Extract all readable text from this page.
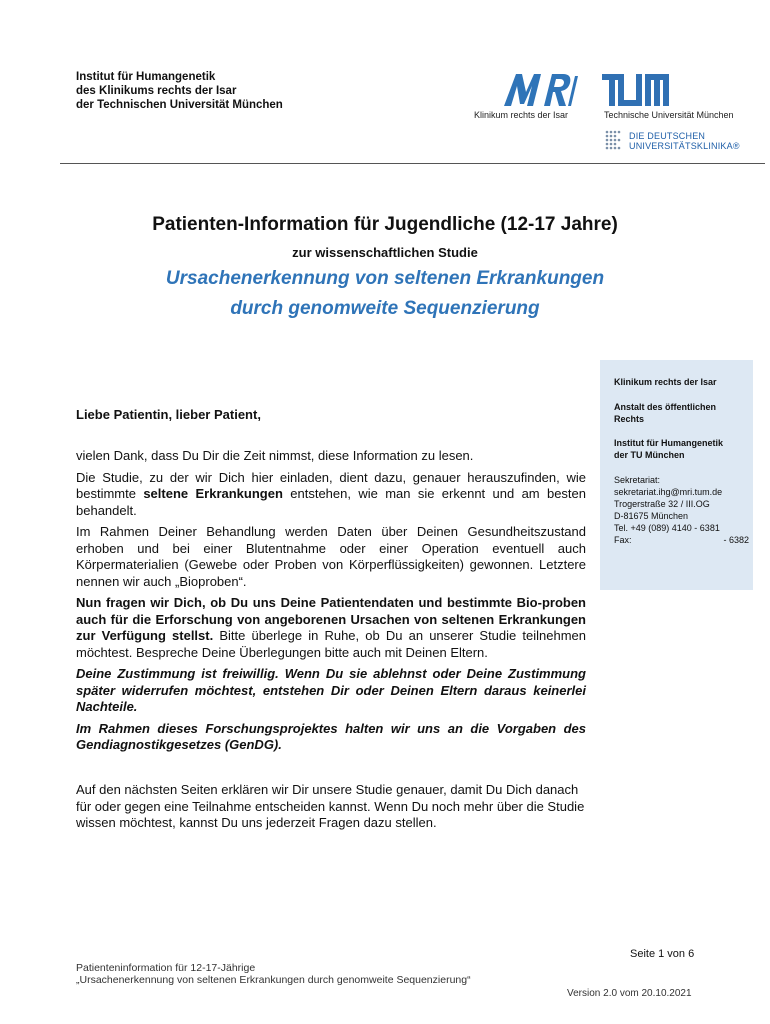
Institut für Humangenetik
des Klinikums rechts der Isar
der Technischen Universität München
Klinikum rechts der Isar	Technische Universität München
DIE DEUTSCHEN
UNIVERSITÄTSKLINIKA®
Patienten-Information für Jugendliche (12-17 Jahre)
zur wissenschaftlichen Studie
Ursachenerkennung von seltenen Erkrankungen
durch genomweite Sequenzierung
Klinikum rechts der Isar
Anstalt des öffentlichen
Rechts
Institut für Humangenetik
der TU München
Sekretariat:
sekretariat.ihg@mri.tum.de
Trogerstraße 32 / III.OG
D-81675 München
Tel. +49 (089) 4140 - 6381
Fax:	- 6382
Liebe Patientin, lieber Patient,

vielen Dank, dass Du Dir die Zeit nimmst, diese Information zu lesen.

Die Studie, zu der wir Dich hier einladen, dient dazu, genauer herauszufinden, wie bestimmte seltene Erkrankungen entstehen, wie man sie erkennt und am besten behandelt.

Im Rahmen Deiner Behandlung werden Daten über Deinen Gesundheitszustand erhoben und bei einer Blutentnahme oder einer Operation eventuell auch Körpermaterialien (Gewebe oder Proben von Körperflüssigkeiten) gewonnen. Letztere nennen wir auch „Bioproben“.

Nun fragen wir Dich, ob Du uns Deine Patientendaten und bestimmte Bio-proben auch für die Erforschung von angeborenen Ursachen von seltenen Erkrankungen zur Verfügung stellst. Bitte überlege in Ruhe, ob Du an unserer Studie teilnehmen möchtest. Bespreche Deine Überlegungen bitte auch mit Deinen Eltern.

Deine Zustimmung ist freiwillig. Wenn Du sie ablehnst oder Deine Zustimmung später widerrufen möchtest, entstehen Dir oder Deinen Eltern daraus keinerlei Nachteile.

Im Rahmen dieses Forschungsprojektes halten wir uns an die Vorgaben des Gendiagnostikgesetzes (GenDG).

Auf den nächsten Seiten erklären wir Dir unsere Studie genauer, damit Du Dich danach für oder gegen eine Teilnahme entscheiden kannst. Wenn Du noch mehr über die Studie wissen möchtest, kannst Du uns jederzeit Fragen dazu stellen.
Seite 1 von 6
Patienteninformation für 12-17-Jährige
„Ursachenerkennung von seltenen Erkrankungen durch genomweite Sequenzierung“
Version 2.0 vom 20.10.2021
